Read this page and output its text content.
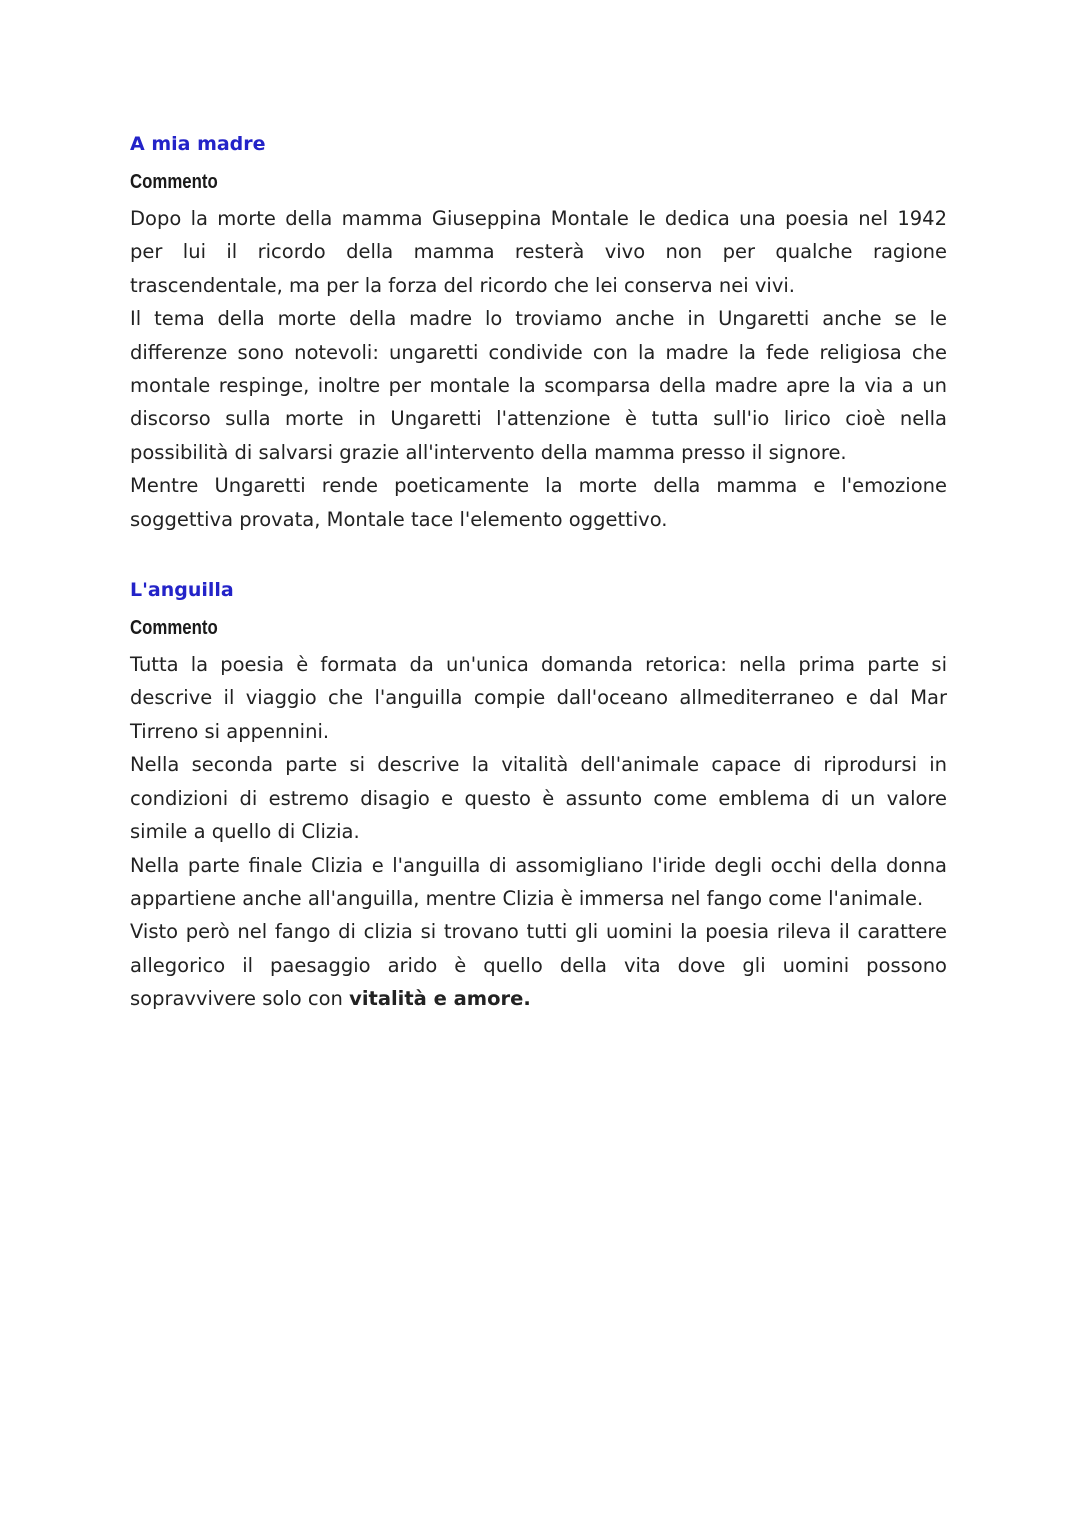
A mia madre
Commento

Dopo la morte della mamma Giuseppina Montale le dedica una poesia nel 1942 per lui il ricordo della mamma resterà vivo non per qualche ragione trascendentale, ma per la forza del ricordo che lei conserva nei vivi.

Il tema della morte della madre lo troviamo anche in Ungaretti anche se le differenze sono notevoli: ungaretti condivide con la madre la fede religiosa che montale respinge, inoltre per montale la scomparsa della madre apre la via a un discorso sulla morte in Ungaretti l'attenzione è tutta sull'io lirico cioè nella possibilità di salvarsi grazie all'intervento della mamma presso il signore.

Mentre Ungaretti rende poeticamente la morte della mamma e l'emozione soggettiva provata, Montale tace l'elemento oggettivo.

L'anguilla
Commento

Tutta la poesia è formata da un'unica domanda retorica: nella prima parte si descrive il viaggio che l'anguilla compie dall'oceano allmediterraneo e dal Mar Tirreno si appennini.

Nella seconda parte si descrive la vitalità dell'animale capace di riprodursi in condizioni di estremo disagio e questo è assunto come emblema di un valore simile a quello di Clizia.

Nella parte finale Clizia e l'anguilla di assomigliano l'iride degli occhi della donna appartiene anche all'anguilla, mentre Clizia è immersa nel fango come l'animale.

Visto però nel fango di clizia si trovano tutti gli uomini la poesia rileva il carattere allegorico il paesaggio arido è quello della vita dove gli uomini possono sopravvivere solo con vitalità e amore.
